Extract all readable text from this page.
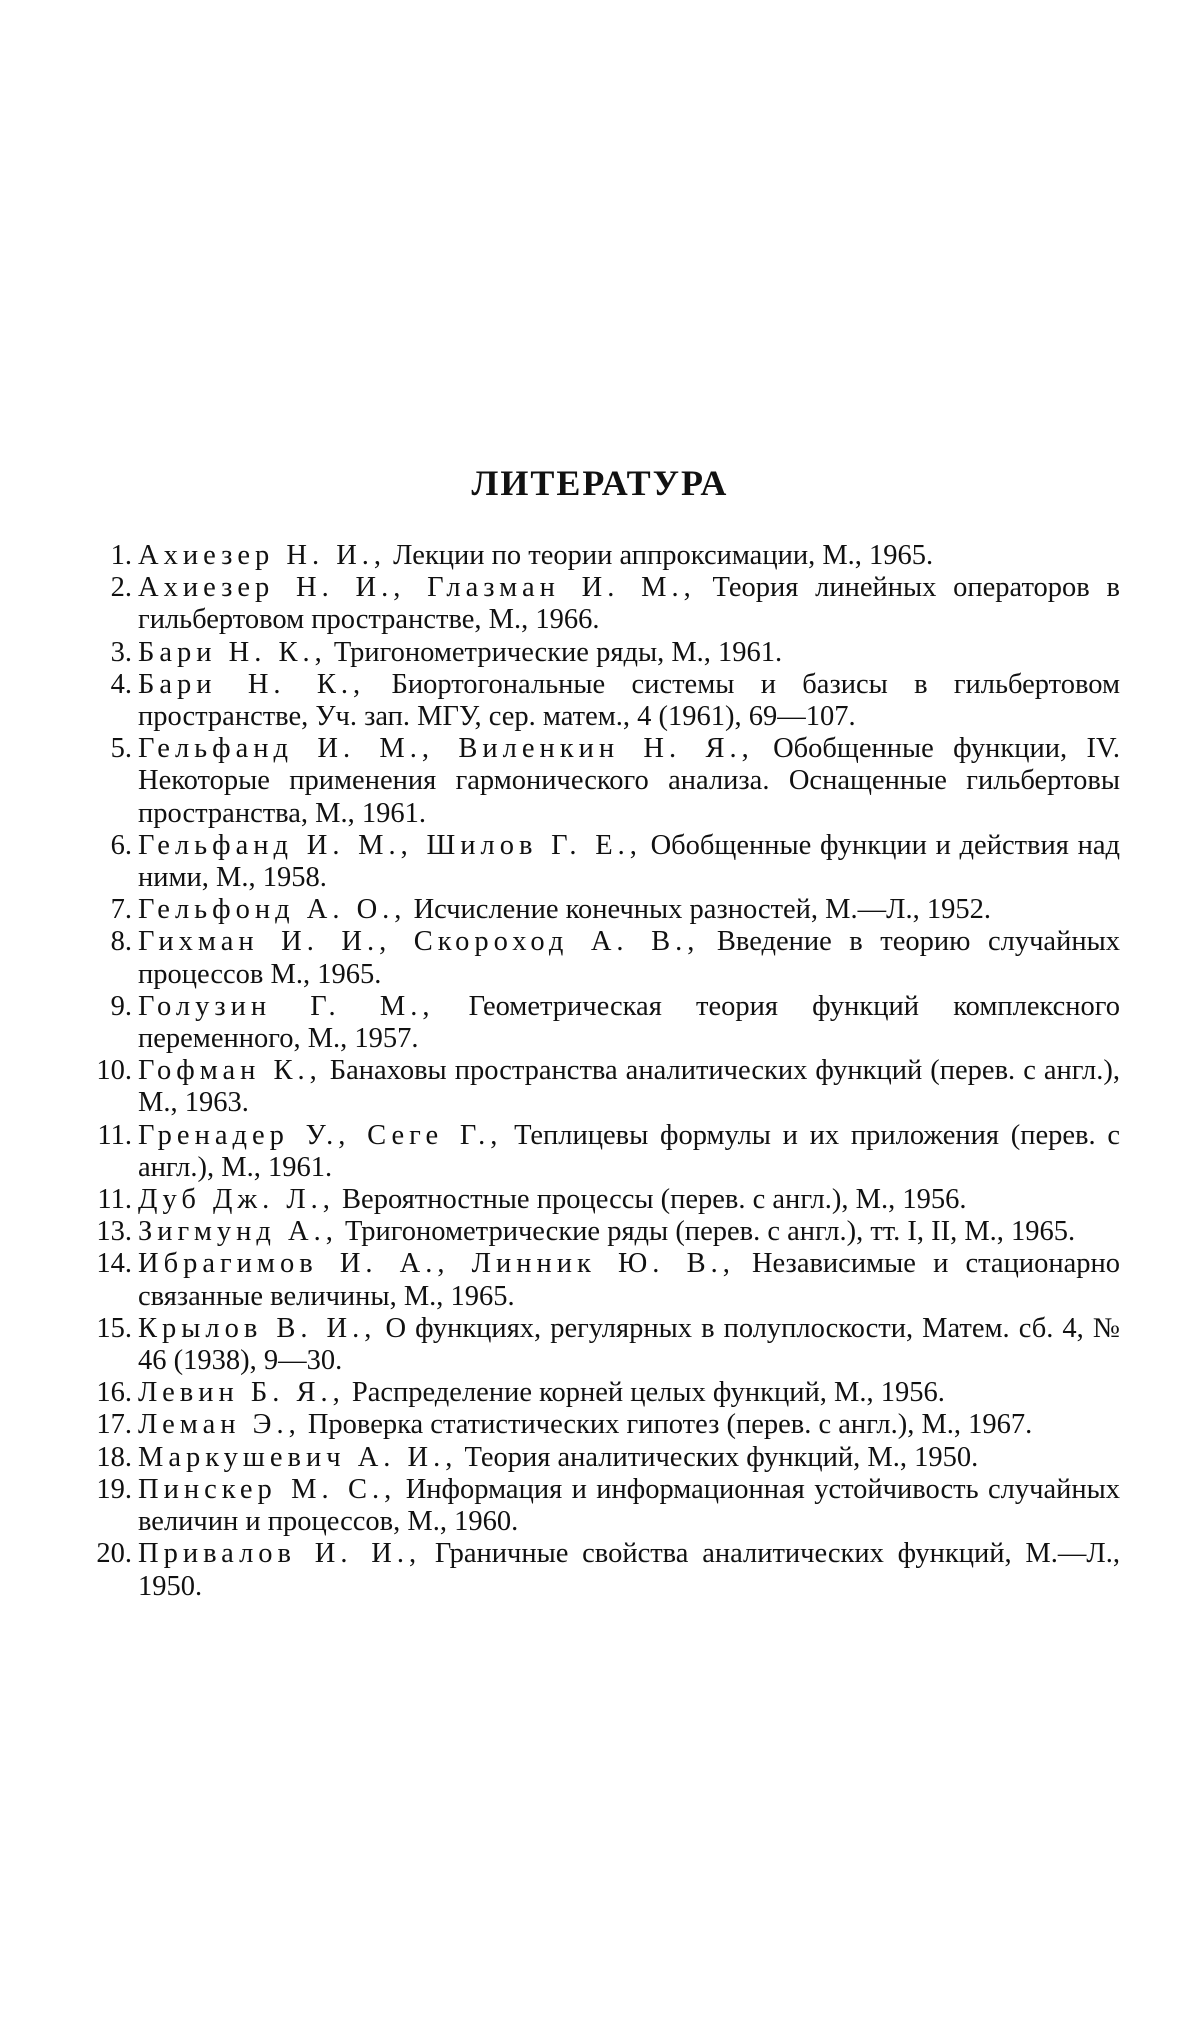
ЛИТЕРАТУРА
1. Ахиезер Н. И., Лекции по теории аппроксимации, М., 1965.
2. Ахиезер Н. И., Глазман И. М., Теория линейных операторов в гильбертовом пространстве, М., 1966.
3. Бари Н. К., Тригонометрические ряды, М., 1961.
4. Бари Н. К., Биортогональные системы и базисы в гильбертовом пространстве, Уч. зап. МГУ, сер. матем., 4 (1961), 69—107.
5. Гельфанд И. М., Виленкин Н. Я., Обобщенные функции, IV. Некоторые применения гармонического анализа. Оснащенные гильбертовы пространства, М., 1961.
6. Гельфанд И. М., Шилов Г. Е., Обобщенные функции и действия над ними, М., 1958.
7. Гельфонд А. О., Исчисление конечных разностей, М.—Л., 1952.
8. Гихман И. И., Скороход А. В., Введение в теорию случайных процессов М., 1965.
9. Голузин Г. М., Геометрическая теория функций комплексного переменного, М., 1957.
10. Гофман К., Банаховы пространства аналитических функций (перев. с англ.), М., 1963.
11. Гренадер У., Сеге Г., Теплицевы формулы и их приложения (перев. с англ.), М., 1961.
11. Дуб Дж. Л., Вероятностные процессы (перев. с англ.), М., 1956.
13. Зигмунд А., Тригонометрические ряды (перев. с англ.), тт. I, II, М., 1965.
14. Ибрагимов И. А., Линник Ю. В., Независимые и стационарно связанные величины, М., 1965.
15. Крылов В. И., О функциях, регулярных в полуплоскости, Матем. сб. 4, № 46 (1938), 9—30.
16. Левин Б. Я., Распределение корней целых функций, М., 1956.
17. Леман Э., Проверка статистических гипотез (перев. с англ.), М., 1967.
18. Маркушевич А. И., Теория аналитических функций, М., 1950.
19. Пинскер М. С., Информация и информационная устойчивость случайных величин и процессов, М., 1960.
20. Привалов И. И., Граничные свойства аналитических функций, М.—Л., 1950.
